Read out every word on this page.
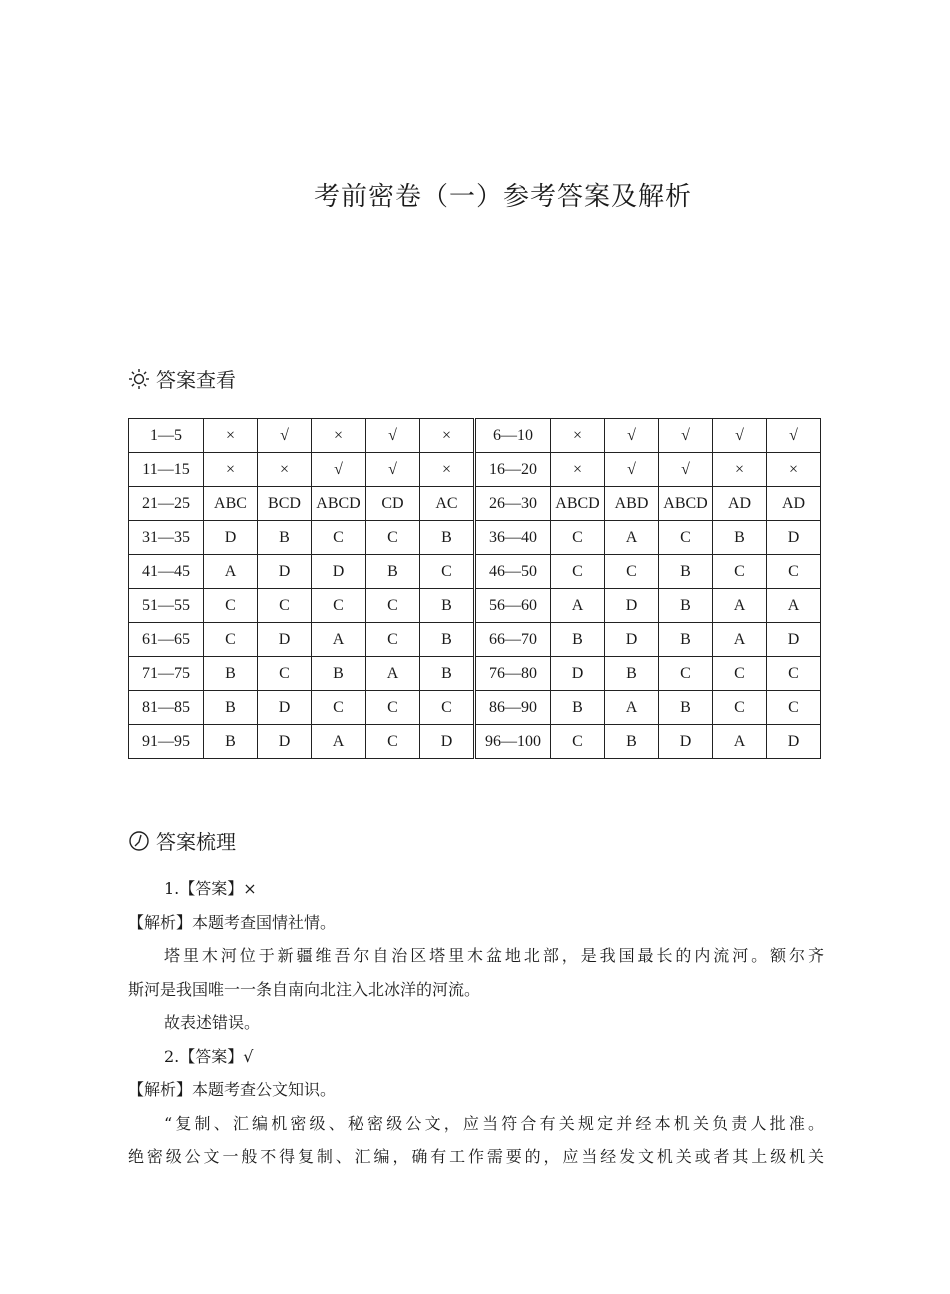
考前密卷（一）参考答案及解析
答案查看
1—5	×	√	×	√	×	6—10	×	√	√	√	√
11—15	×	×	√	√	×	16—20	×	√	√	×	×
21—25	ABC	BCD	ABCD	CD	AC	26—30	ABCD	ABD	ABCD	AD	AD
31—35	D	B	C	C	B	36—40	C	A	C	B	D
41—45	A	D	D	B	C	46—50	C	C	B	C	C
51—55	C	C	C	C	B	56—60	A	D	B	A	A
61—65	C	D	A	C	B	66—70	B	D	B	A	D
71—75	B	C	B	A	B	76—80	D	B	C	C	C
81—85	B	D	C	C	C	86—90	B	A	B	C	C
91—95	B	D	A	C	D	96—100	C	B	D	A	D
答案梳理

1.【答案】×

【解析】本题考查国情社情。

塔里木河位于新疆维吾尔自治区塔里木盆地北部，是我国最长的内流河。额尔齐

斯河是我国唯一一条自南向北注入北冰洋的河流。

故表述错误。

2.【答案】√

【解析】本题考查公文知识。

“复制、汇编机密级、秘密级公文，应当符合有关规定并经本机关负责人批准。

绝密级公文一般不得复制、汇编，确有工作需要的，应当经发文机关或者其上级机关
